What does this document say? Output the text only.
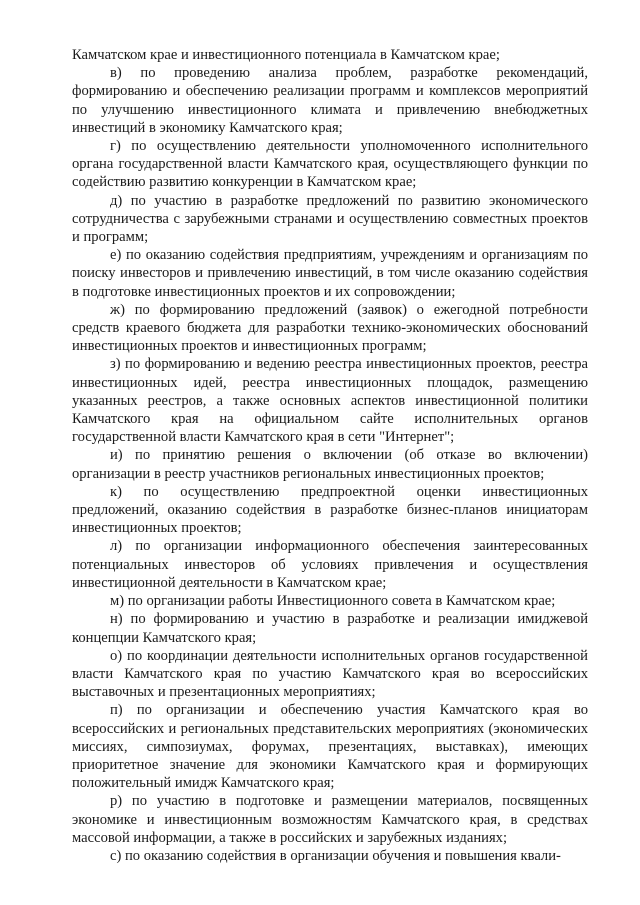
Камчатском крае и инвестиционного потенциала в Камчатском крае;

в) по проведению анализа проблем, разработке рекомендаций, формированию и обеспечению реализации программ и комплексов мероприятий по улучшению инвестиционного климата и привлечению внебюджетных инвестиций в экономику Камчатского края;

г) по осуществлению деятельности уполномоченного исполнительного органа государственной власти Камчатского края, осуществляющего функции по содействию развитию конкуренции в Камчатском крае;

д) по участию в разработке предложений по развитию экономического сотрудничества с зарубежными странами и осуществлению совместных проектов и программ;

е) по оказанию содействия предприятиям, учреждениям и организациям по поиску инвесторов и привлечению инвестиций, в том числе оказанию содействия в подготовке инвестиционных проектов и их сопровождении;

ж) по формированию предложений (заявок) о ежегодной потребности средств краевого бюджета для разработки технико-экономических обоснований инвестиционных проектов и инвестиционных программ;

з) по формированию и ведению реестра инвестиционных проектов, реестра инвестиционных идей, реестра инвестиционных площадок, размещению указанных реестров, а также основных аспектов инвестиционной политики Камчатского края на официальном сайте исполнительных органов государственной власти Камчатского края в сети "Интернет";

и) по принятию решения о включении (об отказе во включении) организации в реестр участников региональных инвестиционных проектов;

к) по осуществлению предпроектной оценки инвестиционных предложений, оказанию содействия в разработке бизнес-планов инициаторам инвестиционных проектов;

л) по организации информационного обеспечения заинтересованных потенциальных инвесторов об условиях привлечения и осуществления инвестиционной деятельности в Камчатском крае;

м) по организации работы Инвестиционного совета в Камчатском крае;

н) по формированию и участию в разработке и реализации имиджевой концепции Камчатского края;

о) по координации деятельности исполнительных органов государственной власти Камчатского края по участию Камчатского края во всероссийских выставочных и презентационных мероприятиях;

п) по организации и обеспечению участия Камчатского края во всероссийских и региональных представительских мероприятиях (экономических миссиях, симпозиумах, форумах, презентациях, выставках), имеющих приоритетное значение для экономики Камчатского края и формирующих положительный имидж Камчатского края;

р) по участию в подготовке и размещении материалов, посвященных экономике и инвестиционным возможностям Камчатского края, в средствах массовой информации, а также в российских и зарубежных изданиях;

с) по оказанию содействия в организации обучения и повышения квали-
